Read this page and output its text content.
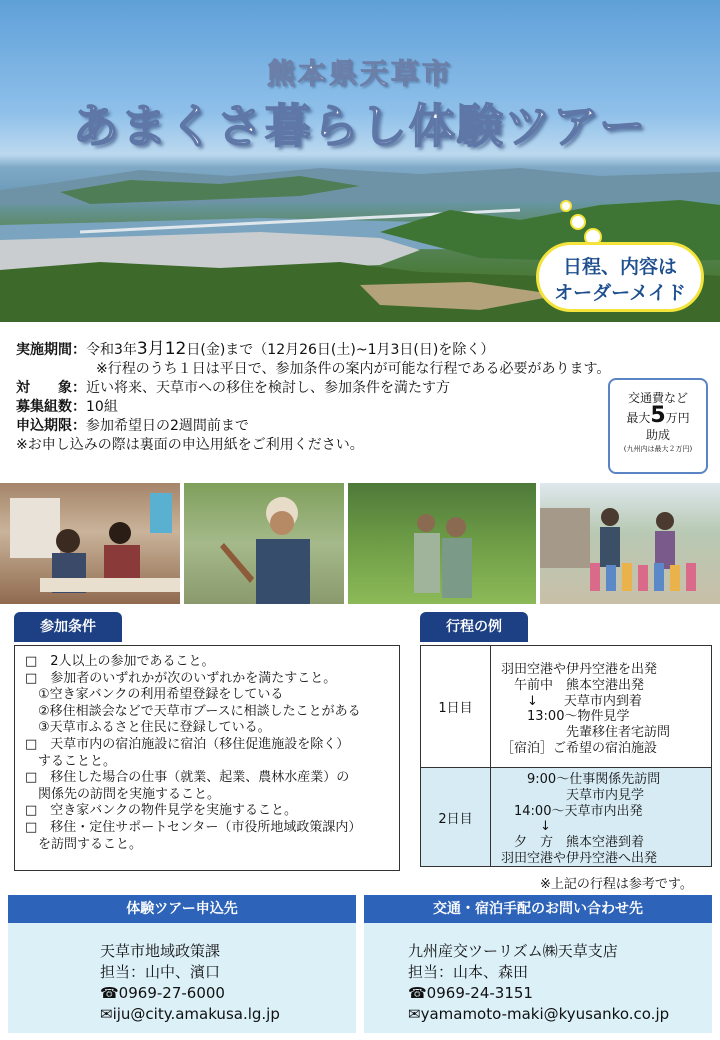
熊本県天草市
あまくさ暮らし体験ツアー
日程、内容は
オーダーメイド
実施期間：令和3年3月12日(金)まで（12月26日(土)~1月3日(日)を除く）
※行程のうち１日は平日で、参加条件の案内が可能な行程である必要があります。
対　　象：近い将来、天草市への移住を検討し、参加条件を満たす方
募集組数：10組
申込期限：参加希望日の2週間前まで
※お申し込みの際は裏面の申込用紙をご利用ください。
交通費など
最大5万円
助成
(九州内は最大２万円)
参加条件
□　2人以上の参加であること。
□　参加者のいずれかが次のいずれかを満たすこと。
　①空き家バンクの利用希望登録をしている
　②移住相談会などで天草市ブースに相談したことがある
　③天草市ふるさと住民に登録している。
□　天草市内の宿泊施設に宿泊（移住促進施設を除く）
　することと。
□　移住した場合の仕事（就業、起業、農林水産業）の
　関係先の訪問を実施すること。
□　空き家バンクの物件見学を実施すること。
□　移住・定住サポートセンター（市役所地域政策課内）
　を訪問すること。
行程の例
1日目
羽田空港や伊丹空港を出発
　午前中　熊本空港出発
　　↓　　天草市内到着
　　13:00～物件見学
　　　　　先輩移住者宅訪問
［宿泊］ご希望の宿泊施設
2日目
　　9:00～仕事関係先訪問
　　　　　天草市内見学
　14:00～天草市内出発
　　　↓
　夕　方　熊本空港到着
羽田空港や伊丹空港へ出発
※上記の行程は参考です。
体験ツアー申込先
天草市地域政策課
担当：山中、濱口
☎0969-27-6000
✉iju@city.amakusa.lg.jp
交通・宿泊手配のお問い合わせ先
九州産交ツーリズム㈱天草支店
担当：山本、森田
☎0969-24-3151
✉yamamoto-maki@kyusanko.co.jp
